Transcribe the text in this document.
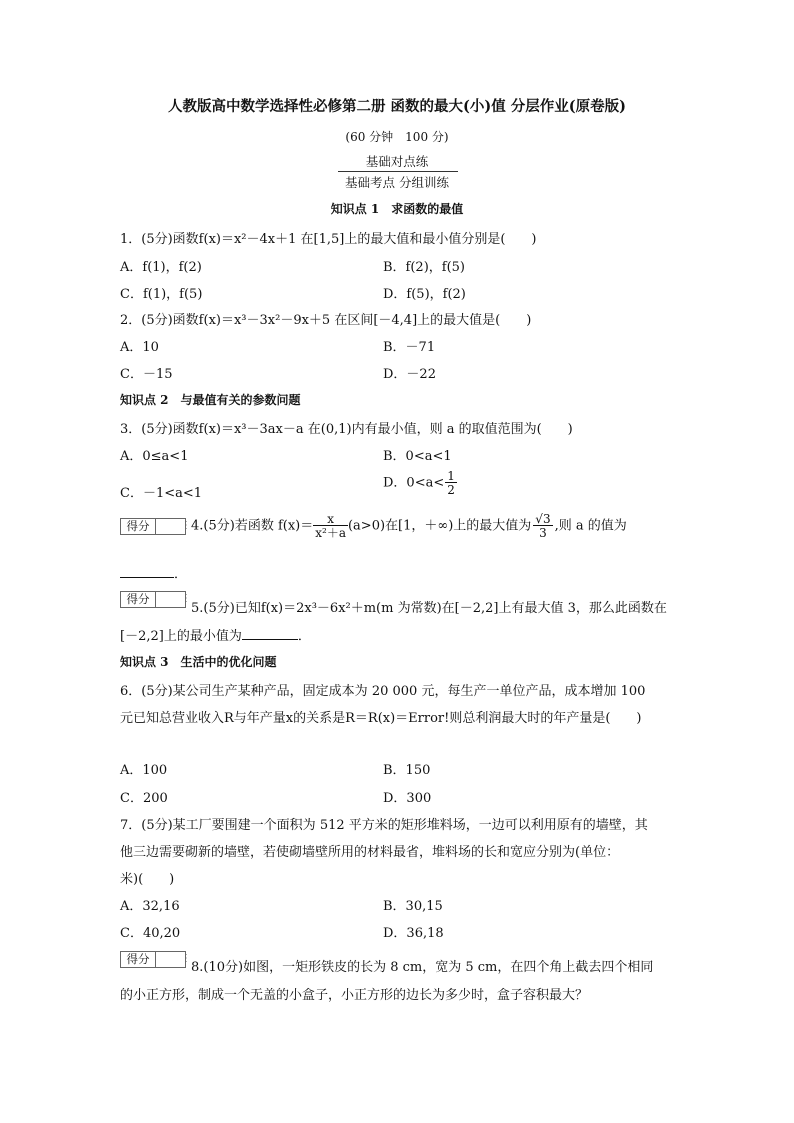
人教版高中数学选择性必修第二册 函数的最大(小)值 分层作业(原卷版)
(60 分钟　100 分)
基础对点练
基础考点 分组训练
知识点 1　求函数的最值
1．(5分)函数f(x)＝x²－4x＋1 在[1,5]上的最大值和最小值分别是(　　)
A．f(1)，f(2)	B．f(2)，f(5)
C．f(1)，f(5)	D．f(5)，f(2)
2．(5分)函数f(x)＝x³－3x²－9x＋5 在区间[－4,4]上的最大值是(　　)
A．10	B．－71
C．－15	D．－22
知识点 2　与最值有关的参数问题
3．(5分)函数f(x)＝x³－3ax－a 在(0,1)内有最小值，则 a 的取值范围为(　　)
A．0≤a<1	B．0<a<1
C．－1<a<1
D．$0<a< \frac{1}{2}$
得分	⋮ 4.(5分)若函数 $f(x)= \frac{x}{\text{x²＋a}} (a>0)$在[1，＋∞)上的最大值为 $\frac{√3}{3}$ ,则 a 的值为
．
得分	⋮
5.(5分)已知f(x)＝2x³－6x²＋m(m 为常数)在[－2,2]上有最大值 3，那么此函数在
[－2,2]上的最小值为	．
知识点 3　生活中的优化问题
6．(5分)某公司生产某种产品，固定成本为 20 000 元，每生产一单位产品，成本增加 100
元已知总营业收入R与年产量x的关系是R＝R(x)＝Error!则总利润最大时的年产量是(　　)
A．100	B．150
C．200	D．300
7．(5分)某工厂要围建一个面积为 512 平方米的矩形堆料场，一边可以利用原有的墙壁，其
他三边需要砌新的墙壁，若使砌墙壁所用的材料最省，堆料场的长和宽应分别为(单位：
米)(　　)
A．32,16	B．30,15
C．40,20	D．36,18
得分	⋮
8.(10分)如图，一矩形铁皮的长为 8 cm，宽为 5 cm，在四个角上截去四个相同
的小正方形，制成一个无盖的小盒子，小正方形的边长为多少时，盒子容积最大？
